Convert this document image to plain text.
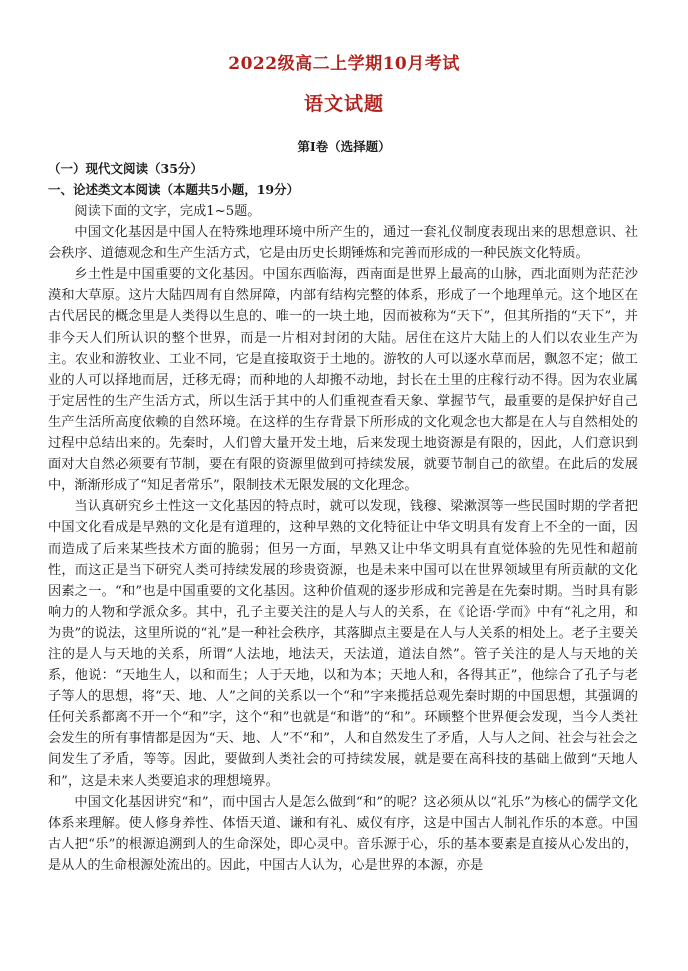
2022级高二上学期10月考试
语文试题
第Ⅰ卷（选择题）
（一）现代文阅读（35分）
一、论述类文本阅读（本题共5小题，19分）

阅读下面的文字，完成1~5题。

中国文化基因是中国人在特殊地理环境中所产生的，通过一套礼仪制度表现出来的思想意识、社会秩序、道德观念和生产生活方式，它是由历史长期锤炼和完善而形成的一种民族文化特质。

乡土性是中国重要的文化基因。中国东西临海，西南面是世界上最高的山脉，西北面则为茫茫沙漠和大草原。这片大陆四周有自然屏障，内部有结构完整的体系，形成了一个地理单元。这个地区在古代居民的概念里是人类得以生息的、唯一的一块土地，因而被称为“天下”，但其所指的“天下”，并非今天人们所认识的整个世界，而是一片相对封闭的大陆。居住在这片大陆上的人们以农业生产为主。农业和游牧业、工业不同，它是直接取资于土地的。游牧的人可以逐水草而居，飘忽不定；做工业的人可以择地而居，迁移无碍；而种地的人却搬不动地，封长在土里的庄稼行动不得。因为农业属于定居性的生产生活方式，所以生活于其中的人们重视查看天象、掌握节气，最重要的是保护好自己生产生活所高度依赖的自然环境。在这样的生存背景下所形成的文化观念也大都是在人与自然相处的过程中总结出来的。先秦时，人们曾大量开发土地，后来发现土地资源是有限的，因此，人们意识到面对大自然必须要有节制，要在有限的资源里做到可持续发展，就要节制自己的欲望。在此后的发展中，渐渐形成了“知足者常乐”，限制技术无限发展的文化理念。

当认真研究乡土性这一文化基因的特点时，就可以发现，钱穆、梁漱溟等一些民国时期的学者把中国文化看成是早熟的文化是有道理的，这种早熟的文化特征让中华文明具有发育上不全的一面，因而造成了后来某些技术方面的脆弱；但另一方面，早熟又让中华文明具有直觉体验的先见性和超前性，而这正是当下研究人类可持续发展的珍贵资源，也是未来中国可以在世界领域里有所贡献的文化因素之一。“和”也是中国重要的文化基因。这种价值观的逐步形成和完善是在先秦时期。当时具有影响力的人物和学派众多。其中，孔子主要关注的是人与人的关系，在《论语·学而》中有“礼之用，和为贵”的说法，这里所说的“礼”是一种社会秩序，其落脚点主要是在人与人关系的相处上。老子主要关注的是人与天地的关系，所谓“人法地，地法天，天法道，道法自然”。管子关注的是人与天地的关系，他说：“天地生人，以和而生；人于天地，以和为本；天地人和，各得其正”，他综合了孔子与老子等人的思想，将“天、地、人”之间的关系以一个“和”字来揽括总观先秦时期的中国思想，其强调的任何关系都离不开一个“和”字，这个“和”也就是“和谐”的“和”。环顾整个世界便会发现，当今人类社会发生的所有事情都是因为“天、地、人”不“和”，人和自然发生了矛盾，人与人之间、社会与社会之间发生了矛盾，等等。因此，要做到人类社会的可持续发展，就是要在高科技的基础上做到“天地人和”，这是未来人类要追求的理想境界。

中国文化基因讲究“和”，而中国古人是怎么做到“和”的呢？这必须从以“礼乐”为核心的儒学文化体系来理解。使人修身养性、体悟天道、谦和有礼、威仪有序，这是中国古人制礼作乐的本意。中国古人把“乐”的根源追溯到人的生命深处，即心灵中。音乐源于心，乐的基本要素是直接从心发出的，是从人的生命根源处流出的。因此，中国古人认为，心是世界的本源，亦是
